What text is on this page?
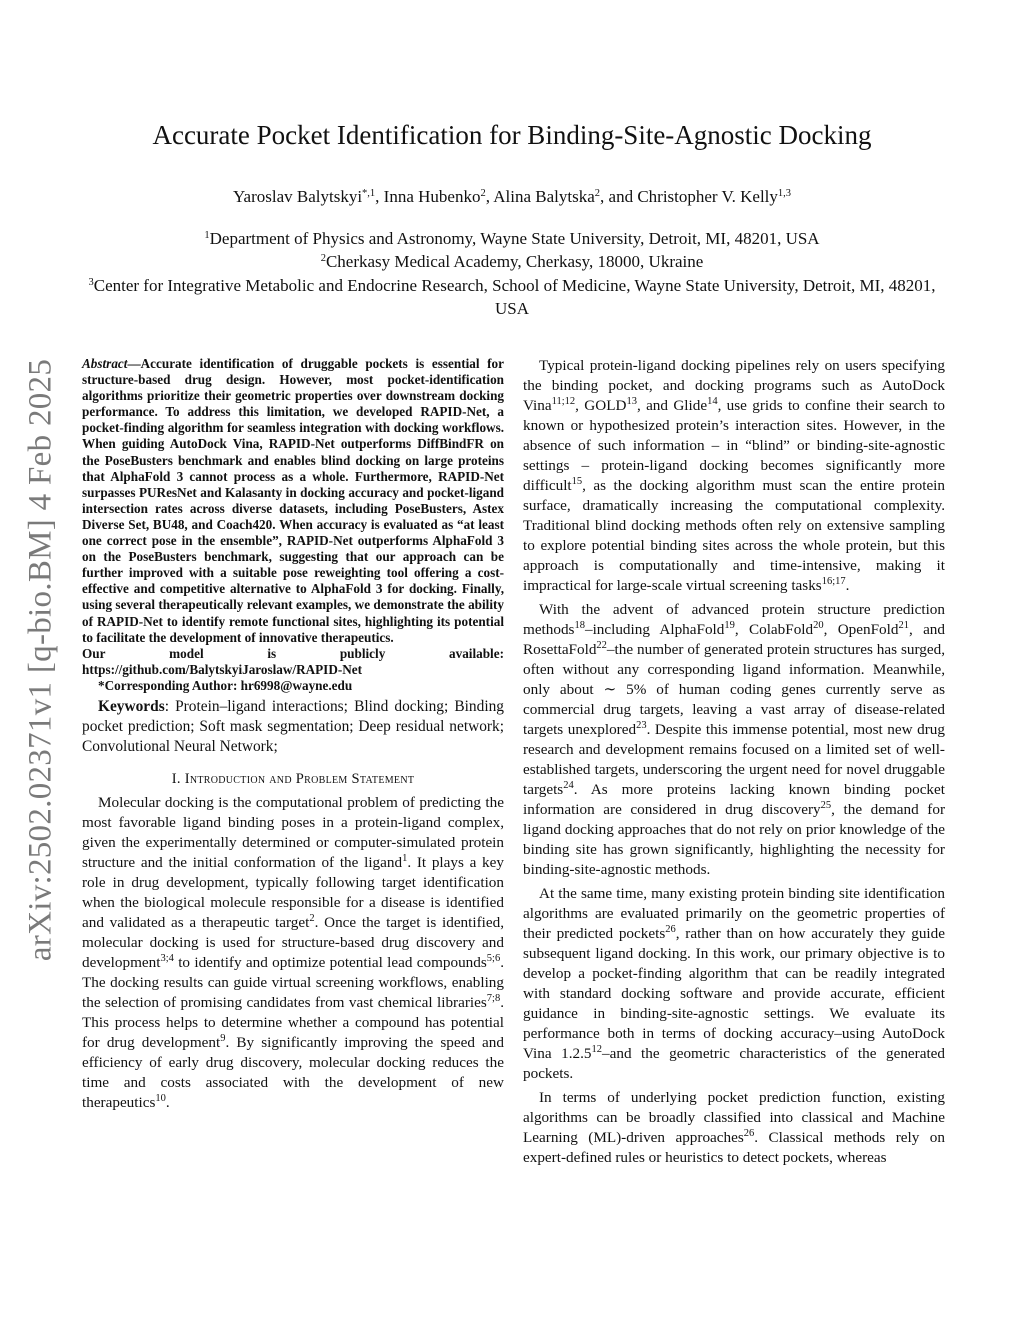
arXiv:2502.02371v1 [q-bio.BM] 4 Feb 2025
Accurate Pocket Identification for Binding-Site-Agnostic Docking
Yaroslav Balytskyi$^{*,1}$, Inna Hubenko$^2$, Alina Balytska$^2$, and Christopher V. Kelly$^{1,3}$
$^1$Department of Physics and Astronomy, Wayne State University, Detroit, MI, 48201, USA
$^2$Cherkasy Medical Academy, Cherkasy, 18000, Ukraine
$^3$Center for Integrative Metabolic and Endocrine Research, School of Medicine, Wayne State University, Detroit, MI, 48201, USA

Abstract—Accurate identification of druggable pockets is essential for structure-based drug design. However, most pocket-identification algorithms prioritize their geometric properties over downstream docking performance. To address this limitation, we developed RAPID-Net, a pocket-finding algorithm for seamless integration with docking workflows. When guiding AutoDock Vina, RAPID-Net outperforms DiffBindFR on the PoseBusters benchmark and enables blind docking on large proteins that AlphaFold 3 cannot process as a whole. Furthermore, RAPID-Net surpasses PUResNet and Kalasanty in docking accuracy and pocket-ligand intersection rates across diverse datasets, including PoseBusters, Astex Diverse Set, BU48, and Coach420. When accuracy is evaluated as “at least one correct pose in the ensemble”, RAPID-Net outperforms AlphaFold 3 on the PoseBusters benchmark, suggesting that our approach can be further improved with a suitable pose reweighting tool offering a cost-effective and competitive alternative to AlphaFold 3 for docking. Finally, using several therapeutically relevant examples, we demonstrate the ability of RAPID-Net to identify remote functional sites, highlighting its potential to facilitate the development of innovative therapeutics.

Our	model	is	publicly	available:

https://github.com/BalytskyiJaroslaw/RAPID-Net

*Corresponding Author: hr6998@wayne.edu

Keywords: Protein–ligand interactions; Blind docking; Binding pocket prediction; Soft mask segmentation; Deep residual network; Convolutional Neural Network;

I. Introduction and Problem Statement

Molecular docking is the computational problem of predicting the most favorable ligand binding poses in a protein-ligand complex, given the experimentally determined or computer-simulated protein structure and the initial conformation of the ligand$^1$. It plays a key role in drug development, typically following target identification when the biological molecule responsible for a disease is identified and validated as a therapeutic target$^2$. Once the target is identified, molecular docking is used for structure-based drug discovery and development$^{3;4}$ to identify and optimize potential lead compounds$^{5;6}$. The docking results can guide virtual screening workflows, enabling the selection of promising candidates from vast chemical libraries$^{7;8}$. This process helps to determine whether a compound has potential for drug development$^9$. By significantly improving the speed and efficiency of early drug discovery, molecular docking reduces the time and costs associated with the development of new therapeutics$^{10}$.

Typical protein-ligand docking pipelines rely on users specifying the binding pocket, and docking programs such as AutoDock Vina$^{11;12}$, GOLD$^{13}$, and Glide$^{14}$, use grids to confine their search to known or hypothesized protein’s interaction sites. However, in the absence of such information – in “blind” or binding-site-agnostic settings – protein-ligand docking becomes significantly more difficult$^{15}$, as the docking algorithm must scan the entire protein surface, dramatically increasing the computational complexity. Traditional blind docking methods often rely on extensive sampling to explore potential binding sites across the whole protein, but this approach is computationally and time-intensive, making it impractical for large-scale virtual screening tasks$^{16;17}$.

With the advent of advanced protein structure prediction methods$^{18}$–including AlphaFold$^{19}$, ColabFold$^{20}$, OpenFold$^{21}$, and RosettaFold$^{22}$–the number of generated protein structures has surged, often without any corresponding ligand information. Meanwhile, only about ∼ 5% of human coding genes currently serve as commercial drug targets, leaving a vast array of disease-related targets unexplored$^{23}$. Despite this immense potential, most new drug research and development remains focused on a limited set of well-established targets, underscoring the urgent need for novel druggable targets$^{24}$. As more proteins lacking known binding pocket information are considered in drug discovery$^{25}$, the demand for ligand docking approaches that do not rely on prior knowledge of the binding site has grown significantly, highlighting the necessity for binding-site-agnostic methods.

At the same time, many existing protein binding site identification algorithms are evaluated primarily on the geometric properties of their predicted pockets$^{26}$, rather than on how accurately they guide subsequent ligand docking. In this work, our primary objective is to develop a pocket-finding algorithm that can be readily integrated with standard docking software and provide accurate, efficient guidance in binding-site-agnostic settings. We evaluate its performance both in terms of docking accuracy–using AutoDock Vina 1.2.5$^{12}$–and the geometric characteristics of the generated pockets.

In terms of underlying pocket prediction function, existing algorithms can be broadly classified into classical and Machine Learning (ML)-driven approaches$^{26}$. Classical methods rely on expert-defined rules or heuristics to detect pockets, whereas
